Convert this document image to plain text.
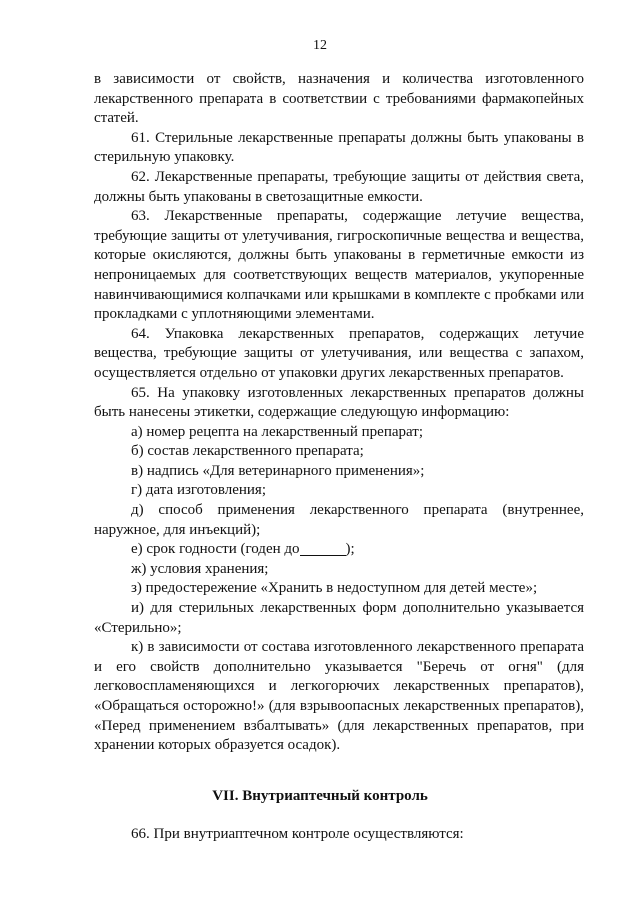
12

в зависимости от свойств, назначения и количества изготовленного лекарственного препарата в соответствии с требованиями фармакопейных статей.

61. Стерильные лекарственные препараты должны быть упакованы в стерильную упаковку.

62. Лекарственные препараты, требующие защиты от действия света, должны быть упакованы в светозащитные емкости.

63. Лекарственные препараты, содержащие летучие вещества, требующие защиты от улетучивания, гигроскопичные вещества и вещества, которые окисляются, должны быть упакованы в герметичные емкости из непроницаемых для соответствующих веществ материалов, укупоренные навинчивающимися колпачками или крышками в комплекте с пробками или прокладками с уплотняющими элементами.

64. Упаковка лекарственных препаратов, содержащих летучие вещества, требующие защиты от улетучивания, или вещества с запахом, осуществляется отдельно от упаковки других лекарственных препаратов.

65. На упаковку изготовленных лекарственных препаратов должны быть нанесены этикетки, содержащие следующую информацию:

а) номер рецепта на лекарственный препарат;

б) состав лекарственного препарата;

в) надпись «Для ветеринарного применения»;

г) дата изготовления;

д) способ применения лекарственного препарата (внутреннее, наружное, для инъекций);

е) срок годности (годен до	);

ж) условия хранения;

з) предостережение «Хранить в недоступном для детей месте»;

и) для стерильных лекарственных форм дополнительно указывается «Стерильно»;

к) в зависимости от состава изготовленного лекарственного препарата и его свойств дополнительно указывается "Беречь от огня" (для легковоспламеняющихся и легкогорючих лекарственных препаратов), «Обращаться осторожно!» (для взрывоопасных лекарственных препаратов), «Перед применением взбалтывать» (для лекарственных препаратов, при хранении которых образуется осадок).

VII. Внутриаптечный контроль
66. При внутриаптечном контроле осуществляются:
